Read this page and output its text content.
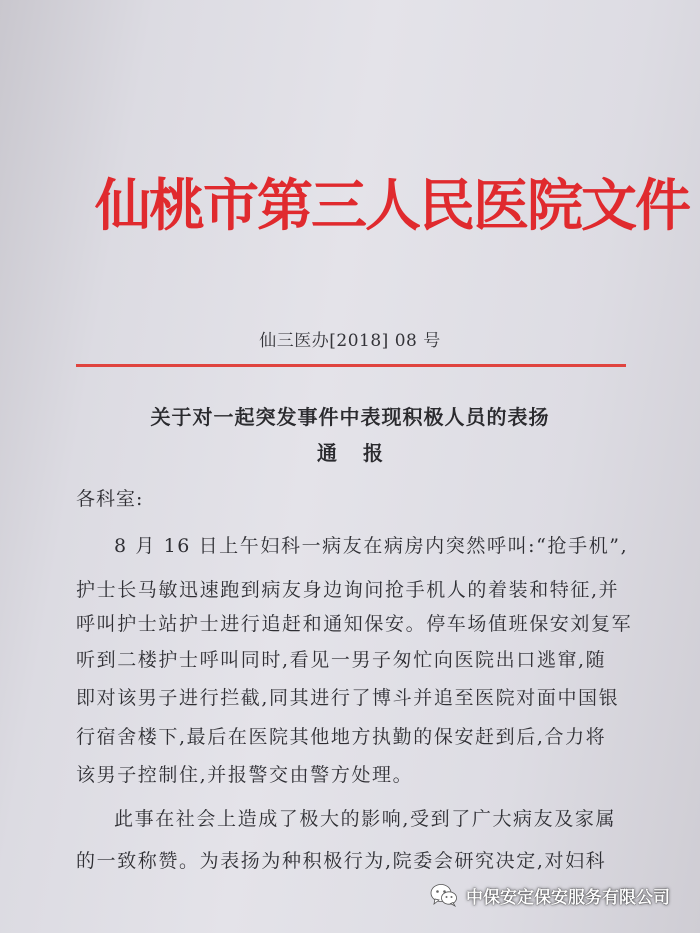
仙桃市第三人民医院文件
仙三医办[2018] 08 号
关于对一起突发事件中表现积极人员的表扬
通报
各科室:
8 月 16 日上午妇科一病友在病房内突然呼叫:“抢手机”,
护士长马敏迅速跑到病友身边询问抢手机人的着装和特征,并
呼叫护士站护士进行追赶和通知保安。停车场值班保安刘复军
听到二楼护士呼叫同时,看见一男子匆忙向医院出口逃窜,随
即对该男子进行拦截,同其进行了博斗并追至医院对面中国银
行宿舍楼下,最后在医院其他地方执勤的保安赶到后,合力将
该男子控制住,并报警交由警方处理。
此事在社会上造成了极大的影响,受到了广大病友及家属
的一致称赞。为表扬为种积极行为,院委会研究决定,对妇科
中保安定保安服务有限公司
